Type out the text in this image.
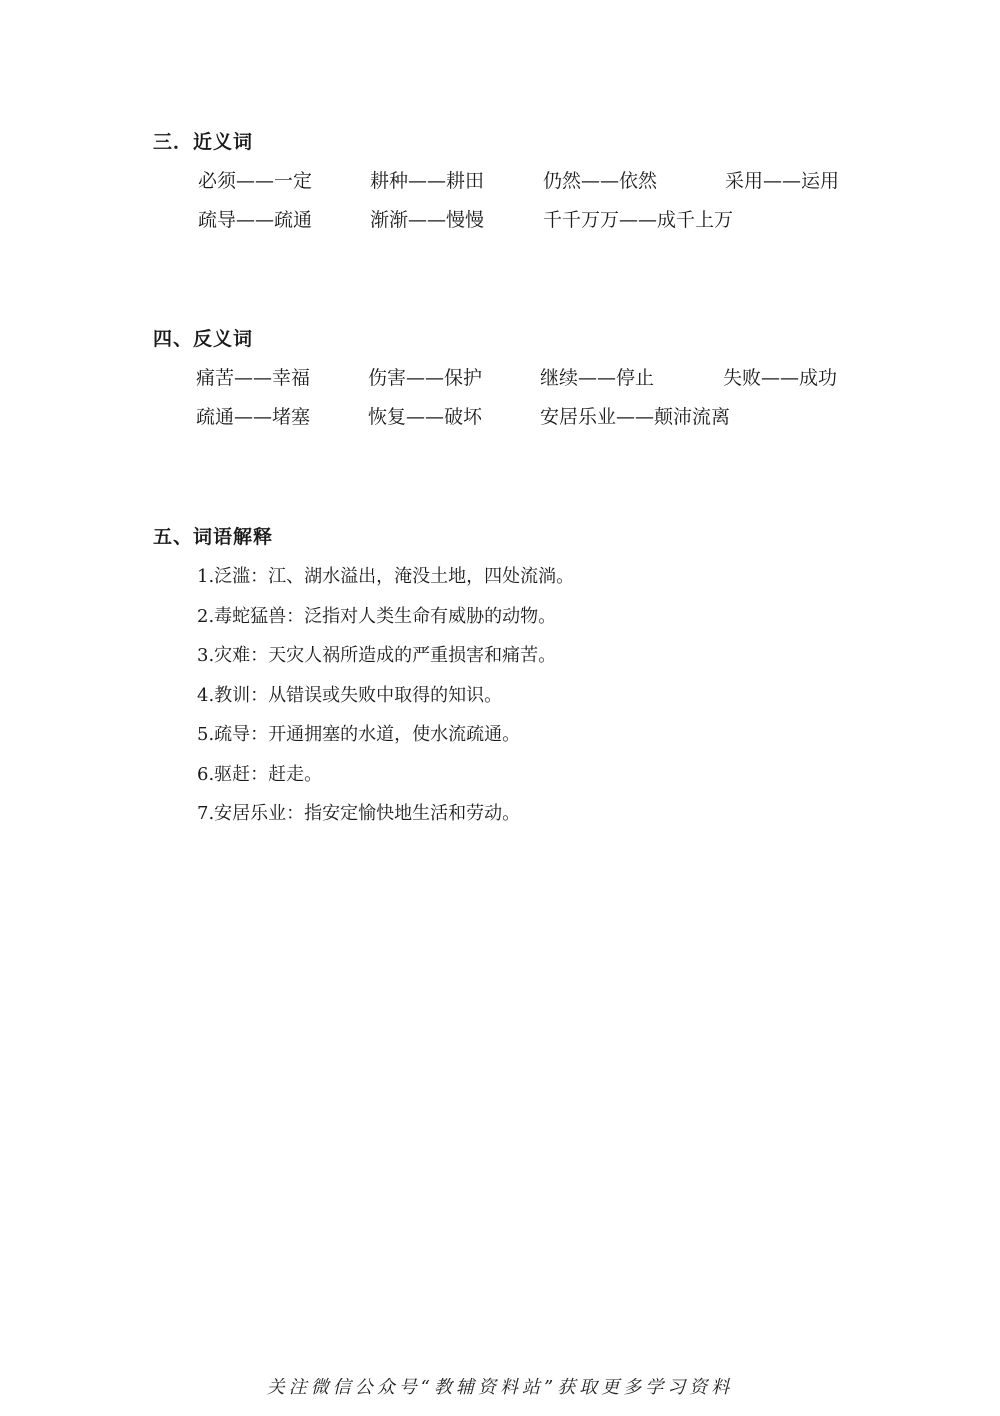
三．近义词
必须——一定	耕种——耕田	仍然——依然	采用——运用
疏导——疏通	渐渐——慢慢	千千万万——成千上万
四、反义词
痛苦——幸福	伤害——保护	继续——停止	失败——成功
疏通——堵塞	恢复——破坏	安居乐业——颠沛流离
五、词语解释
1.泛滥：江、湖水溢出，淹没土地，四处流淌。
2.毒蛇猛兽：泛指对人类生命有威胁的动物。
3.灾难：天灾人祸所造成的严重损害和痛苦。
4.教训：从错误或失败中取得的知识。
5.疏导：开通拥塞的水道，使水流疏通。
6.驱赶：赶走。
7.安居乐业：指安定愉快地生活和劳动。
关注微信公众号“教辅资料站”获取更多学习资料
